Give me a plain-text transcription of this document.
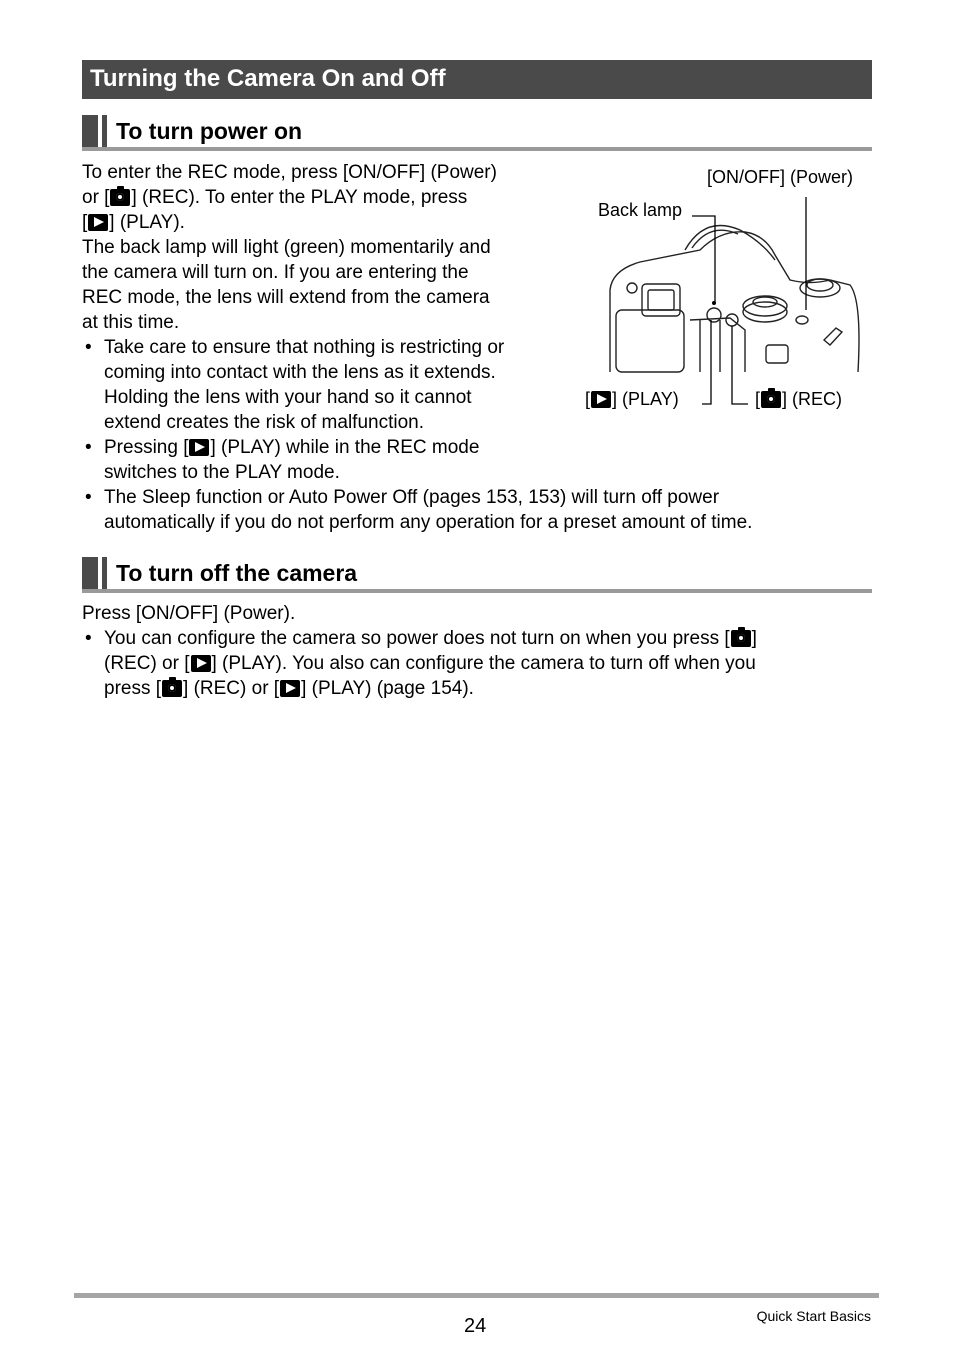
Turning the Camera On and Off
To turn power on
To enter the REC mode, press [ON/OFF] (Power)
or [ ] (REC). To enter the PLAY mode, press
[ ] (PLAY).
The back lamp will light (green) momentarily and
the camera will turn on. If you are entering the
REC mode, the lens will extend from the camera
at this time.
• Take care to ensure that nothing is restricting or
coming into contact with the lens as it extends.
Holding the lens with your hand so it cannot
extend creates the risk of malfunction.
• Pressing [ ] (PLAY) while in the REC mode
switches to the PLAY mode.
• The Sleep function or Auto Power Off (pages 153, 153) will turn off power
automatically if you do not perform any operation for a preset amount of time.
[ON/OFF] (Power)
Back lamp
[ ] (PLAY)	[ ] (REC)
To turn off the camera
Press [ON/OFF] (Power).
• You can configure the camera so power does not turn on when you press [ ]
(REC) or [ ] (PLAY). You also can configure the camera to turn off when you
press [ ] (REC) or [ ] (PLAY) (page 154).
24	Quick Start Basics
